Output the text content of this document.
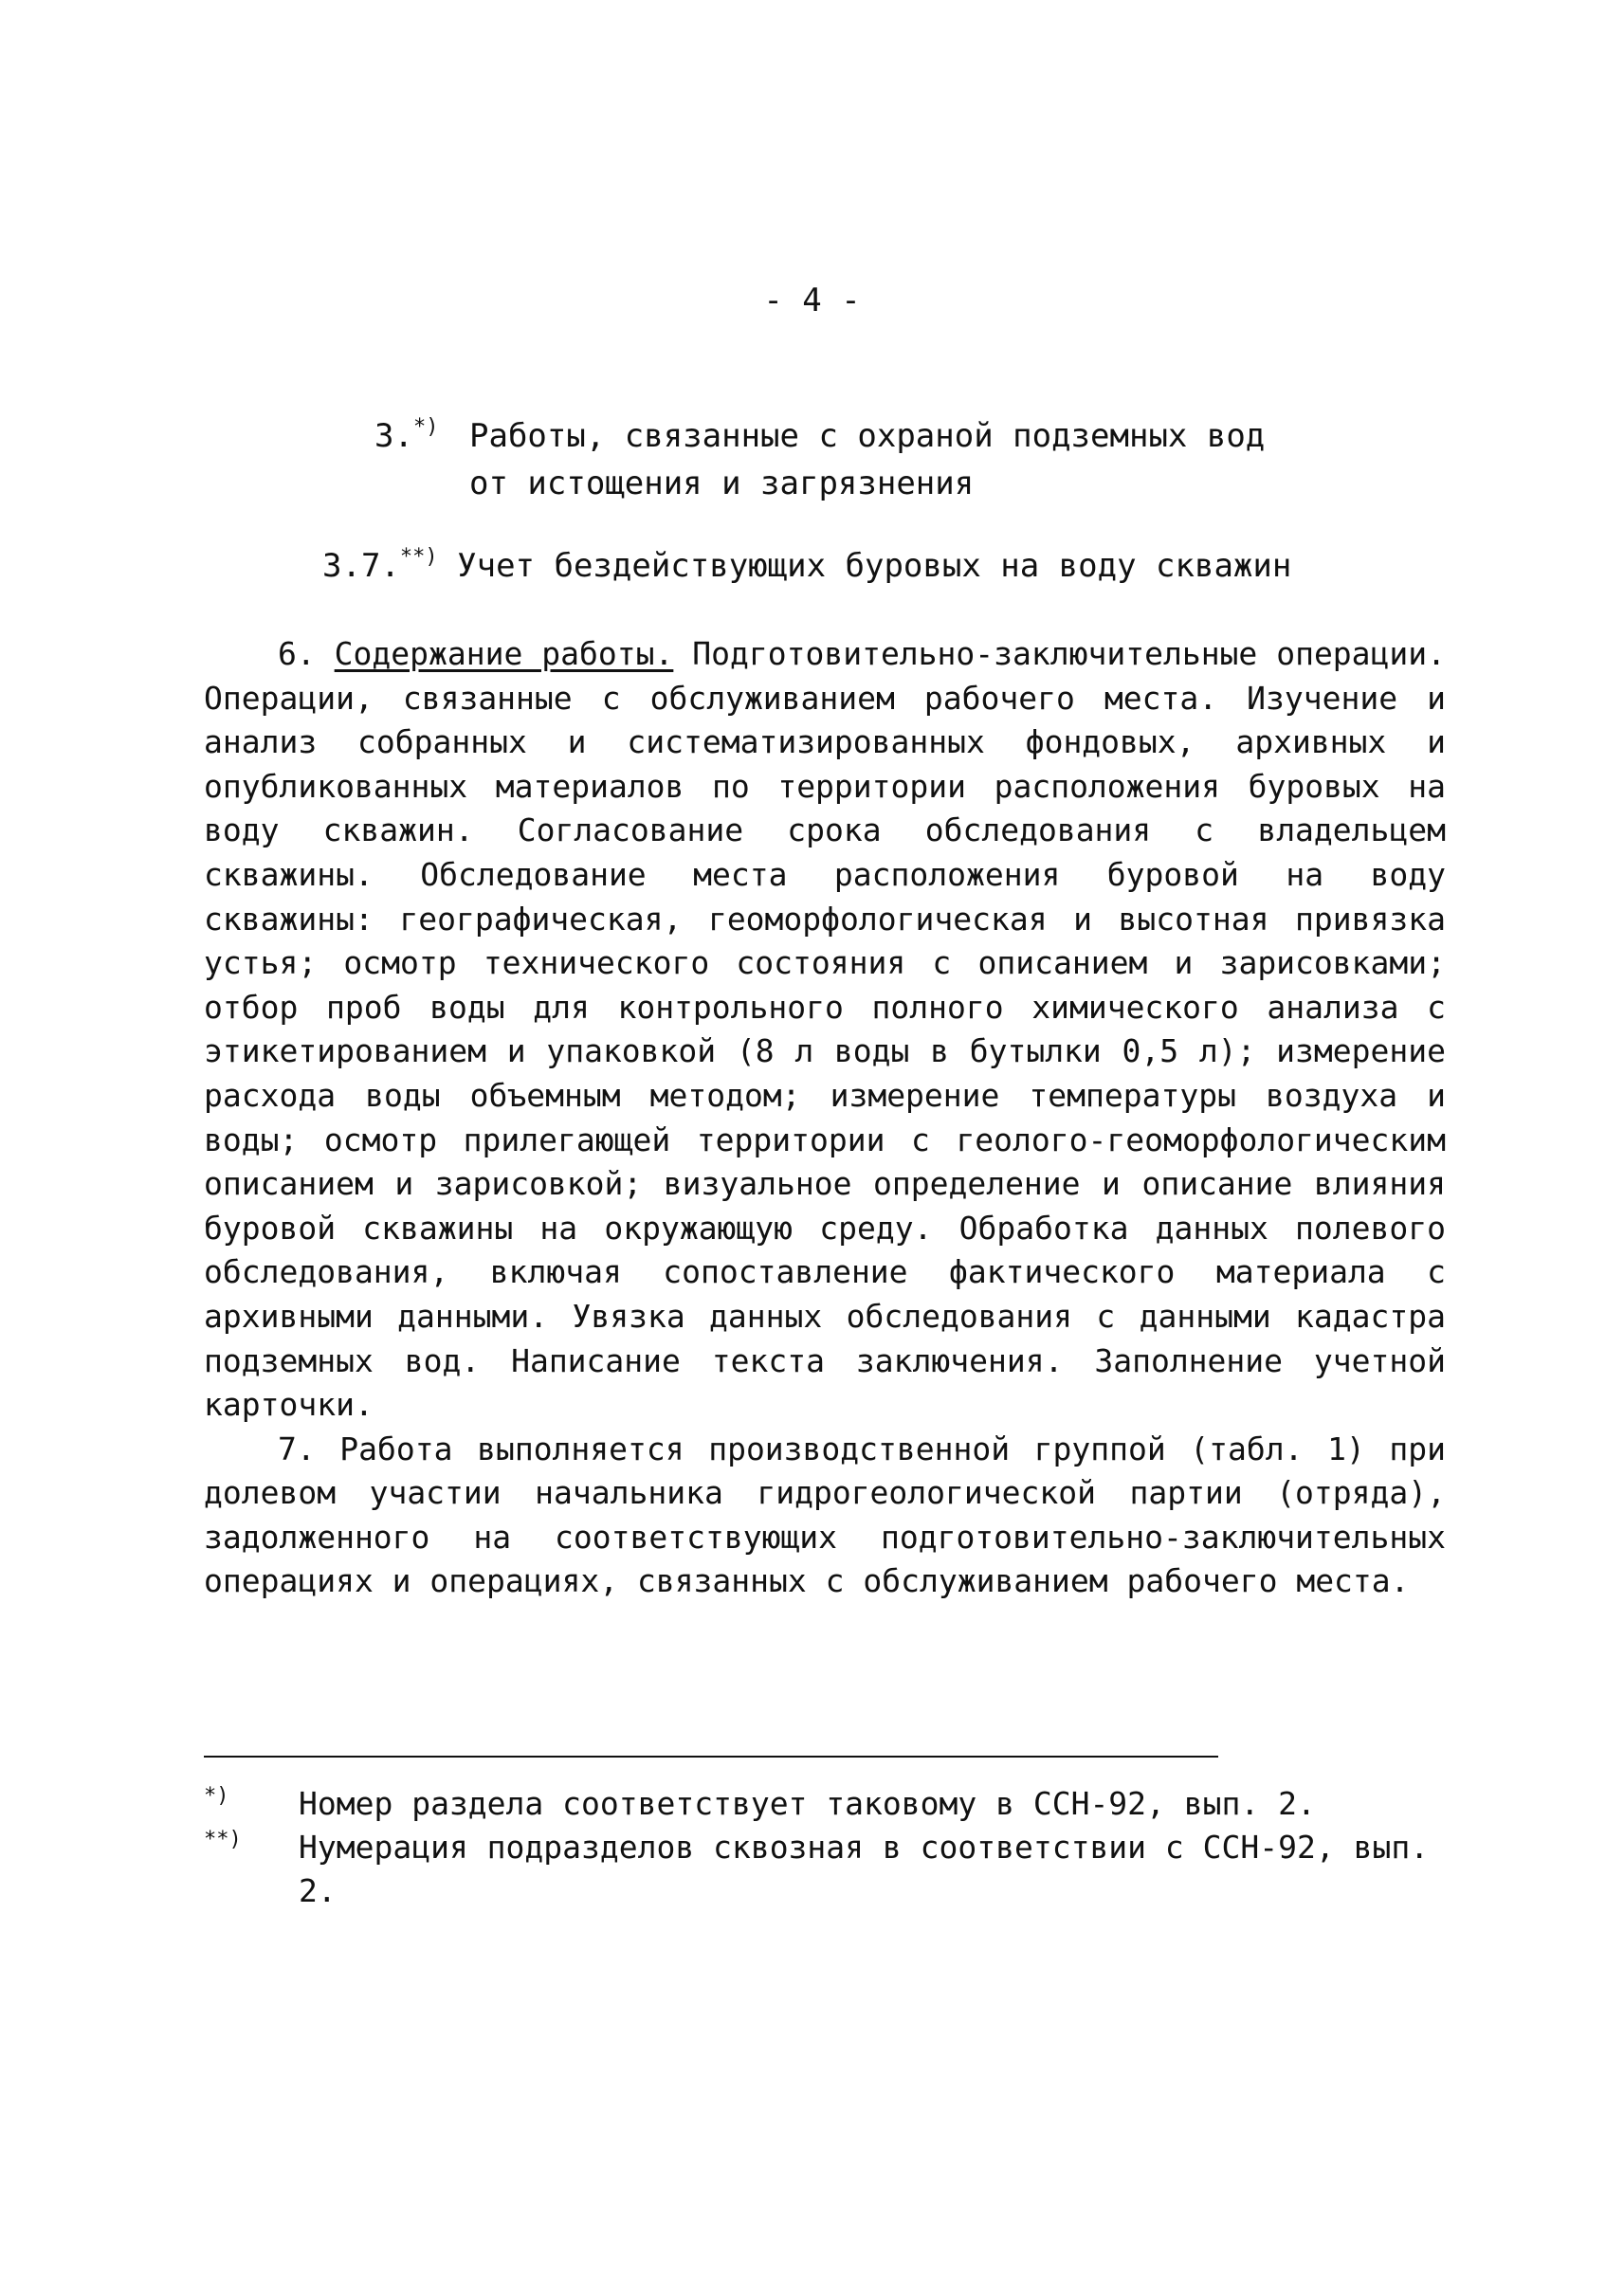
- 4 -
3.*) Работы, связанные с охраной подземных вод
от истощения и загрязнения
3.7.**) Учет бездействующих буровых на воду скважин

6. Содержание работы. Подготовительно-заключительные операции. Операции, связанные с обслуживанием рабочего места. Изучение и анализ собранных и систематизированных фондовых, архивных и опубликованных материалов по территории расположения буровых на воду скважин. Согласование срока обследования с владельцем скважины. Обследование места расположения буровой на воду скважины: географическая, геоморфологическая и высотная привязка устья; осмотр технического состояния с описанием и зарисовками; отбор проб воды для контрольного полного химического анализа с этикетированием и упаковкой (8 л воды в бутылки 0,5 л); измерение расхода воды объемным методом; измерение температуры воздуха и воды; осмотр прилегающей территории с геолого-геоморфологическим описанием и зарисовкой; визуальное определение и описание влияния буровой скважины на окружающую среду. Обработка данных полевого обследования, включая сопоставление фактического материала с архивными данными. Увязка данных обследования с данными кадастра подземных вод. Написание текста заключения. Заполнение учетной карточки.

7. Работа выполняется производственной группой (табл. 1) при долевом участии начальника гидрогеологической партии (отряда), задолженного на соответствующих подготовительно-заключительных операциях и операциях, связанных с обслуживанием рабочего места.

*)	Номер раздела соответствует таковому в ССН-92, вып. 2.
**)	Нумерация подразделов сквозная в соответствии с ССН-92, вып. 2.
